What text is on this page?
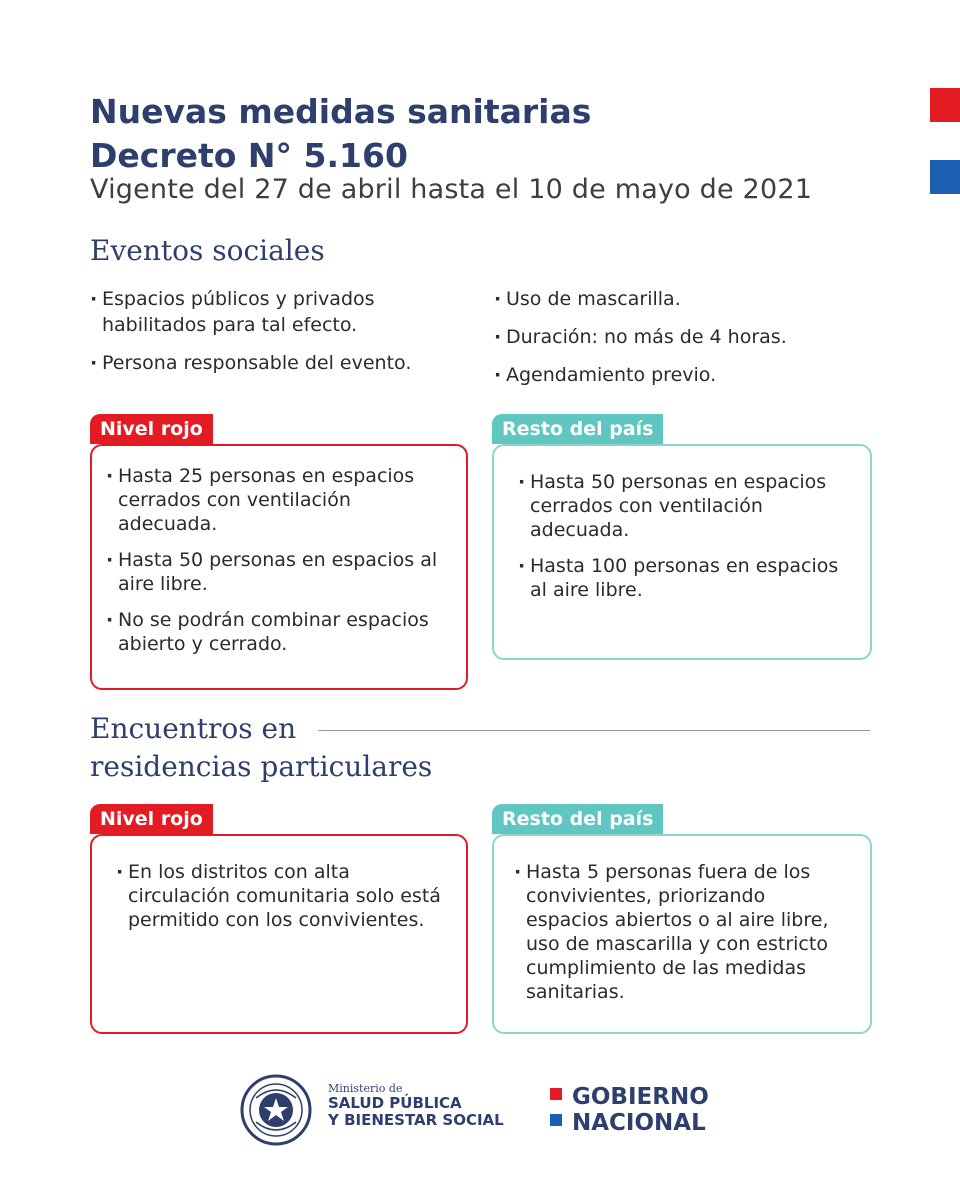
Nuevas medidas sanitarias
Decreto N° 5.160

Vigente del 27 de abril hasta el 10 de mayo de 2021

Eventos sociales
· Espacios públicos y privados habilitados para tal efecto.
· Persona responsable del evento.
· Uso de mascarilla.
· Duración: no más de 4 horas.
· Agendamiento previo.
Nivel rojo
· Hasta 25 personas en espacios cerrados con ventilación adecuada.
· Hasta 50 personas en espacios al aire libre.
· No se podrán combinar espacios abierto y cerrado.
Resto del país
· Hasta 50 personas en espacios cerrados con ventilación adecuada.
· Hasta 100 personas en espacios al aire libre.
Encuentros en
residencias particulares
Nivel rojo
· En los distritos con alta circulación comunitaria solo está permitido con los convivientes.
Resto del país
· Hasta 5 personas fuera de los convivientes, priorizando espacios abiertos o al aire libre, uso de mascarilla y con estricto cumplimiento de las medidas sanitarias.
Ministerio de
SALUD PÚBLICA
Y BIENESTAR SOCIAL
GOBIERNO
NACIONAL
